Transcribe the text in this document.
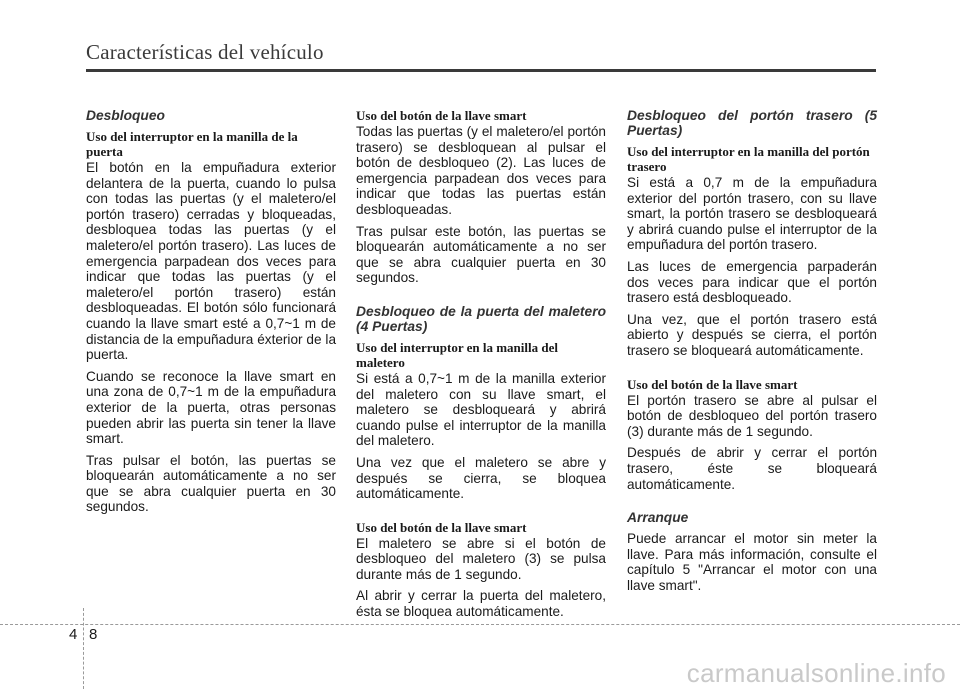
Características del vehículo
Desbloqueo
Uso del interruptor en la manilla de la puerta

El botón en la empuñadura exterior delantera de la puerta, cuando lo pulsa con todas las puertas (y el maletero/el portón trasero) cerradas y bloqueadas, desbloquea todas las puertas (y el maletero/el portón trasero). Las luces de emergencia parpadean dos veces para indicar que todas las puertas (y el maletero/el portón trasero) están desbloqueadas. El botón sólo funcionará cuando la llave smart esté a 0,7~1 m de distancia de la empuñadura éxterior de la puerta.

Cuando se reconoce la llave smart en una zona de 0,7~1 m de la empuñadura exterior de la puerta, otras personas pueden abrir las puerta sin tener la llave smart.

Tras pulsar el botón, las puertas se bloquearán automáticamente a no ser que se abra cualquier puerta en 30 segundos.

Uso del botón de la llave smart

Todas las puertas (y el maletero/el portón trasero) se desbloquean al pulsar el botón de desbloqueo (2). Las luces de emergencia parpadean dos veces para indicar que todas las puertas están desbloqueadas.

Tras pulsar este botón, las puertas se bloquearán automáticamente a no ser que se abra cualquier puerta en 30 segundos.

Desbloqueo de la puerta del maletero (4 Puertas)
Uso del interruptor en la manilla del maletero

Si está a 0,7~1 m de la manilla exterior del maletero con su llave smart, el maletero se desbloqueará y abrirá cuando pulse el interruptor de la manilla del maletero.

Una vez que el maletero se abre y después se cierra, se bloquea automáticamente.

Uso del botón de la llave smart

El maletero se abre si el botón de desbloqueo del maletero (3) se pulsa durante más de 1 segundo.

Al abrir y cerrar la puerta del maletero, ésta se bloquea automáticamente.

Desbloqueo del portón trasero (5 Puertas)
Uso del interruptor en la manilla del portón trasero

Si está a 0,7 m de la empuñadura exterior del portón trasero, con su llave smart, la portón trasero se desbloqueará y abrirá cuando pulse el interruptor de la empuñadura del portón trasero.

Las luces de emergencia parpaderán dos veces para indicar que el portón trasero está desbloqueado.

Una vez, que el portón trasero está abierto y después se cierra, el portón trasero se bloqueará automáticamente.

Uso del botón de la llave smart

El portón trasero se abre al pulsar el botón de desbloqueo del portón trasero (3) durante más de 1 segundo.

Después de abrir y cerrar el portón trasero, éste se bloqueará automáticamente.

Arranque

Puede arrancar el motor sin meter la llave. Para más información, consulte el capítulo 5 "Arrancar el motor con una llave smart".

4 8
carmanualsonline.info
